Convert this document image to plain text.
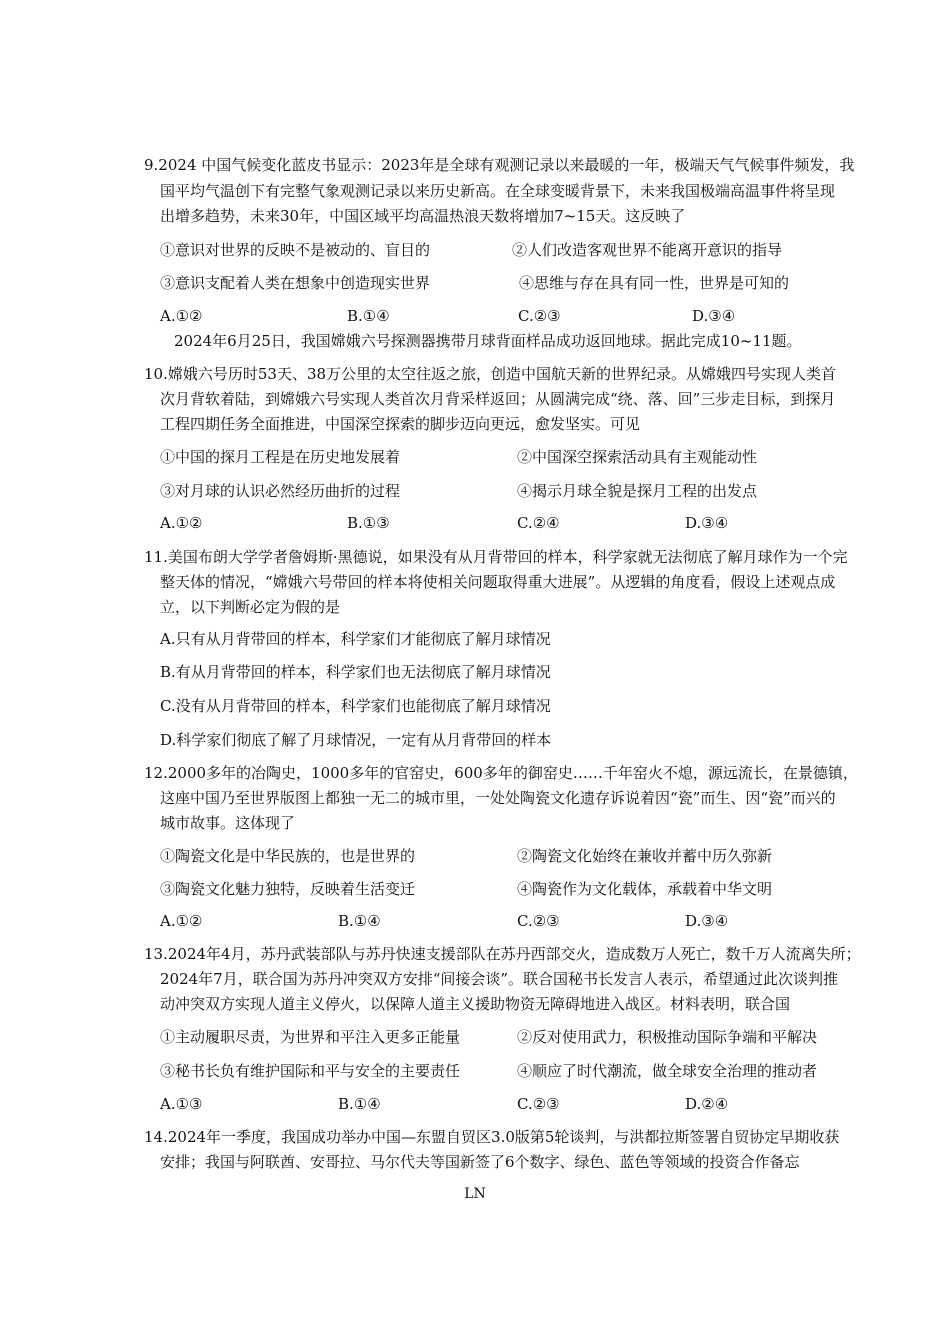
9.2024 中国气候变化蓝皮书显示：2023年是全球有观测记录以来最暖的一年，极端天气气候事件频发，我
国平均气温创下有完整气象观测记录以来历史新高。在全球变暖背景下，未来我国极端高温事件将呈现
出增多趋势，未来30年，中国区域平均高温热浪天数将增加7~15天。这反映了
①意识对世界的反映不是被动的、盲目的	②人们改造客观世界不能离开意识的指导
③意识支配着人类在想象中创造现实世界	④思维与存在具有同一性，世界是可知的
A.①②	B.①④	C.②③	D.③④
2024年6月25日，我国嫦娥六号探测器携带月球背面样品成功返回地球。据此完成10~11题。
10.嫦娥六号历时53天、38万公里的太空往返之旅，创造中国航天新的世界纪录。从嫦娥四号实现人类首
次月背软着陆，到嫦娥六号实现人类首次月背采样返回；从圆满完成“绕、落、回”三步走目标，到探月
工程四期任务全面推进，中国深空探索的脚步迈向更远，愈发坚实。可见
①中国的探月工程是在历史地发展着	②中国深空探索活动具有主观能动性
③对月球的认识必然经历曲折的过程	④揭示月球全貌是探月工程的出发点
A.①②	B.①③	C.②④	D.③④
11.美国布朗大学学者詹姆斯·黑德说，如果没有从月背带回的样本，科学家就无法彻底了解月球作为一个完
整天体的情况，“嫦娥六号带回的样本将使相关问题取得重大进展”。从逻辑的角度看，假设上述观点成
立，以下判断必定为假的是
A.只有从月背带回的样本，科学家们才能彻底了解月球情况
B.有从月背带回的样本，科学家们也无法彻底了解月球情况
C.没有从月背带回的样本，科学家们也能彻底了解月球情况
D.科学家们彻底了解了月球情况，一定有从月背带回的样本
12.2000多年的冶陶史，1000多年的官窑史，600多年的御窑史……千年窑火不熄，源远流长，在景德镇，
这座中国乃至世界版图上都独一无二的城市里，一处处陶瓷文化遗存诉说着因“瓷”而生、因“瓷”而兴的
城市故事。这体现了
①陶瓷文化是中华民族的，也是世界的	②陶瓷文化始终在兼收并蓄中历久弥新
③陶瓷文化魅力独特，反映着生活变迁	④陶瓷作为文化载体，承载着中华文明
A.①②	B.①④	C.②③	D.③④
13.2024年4月，苏丹武装部队与苏丹快速支援部队在苏丹西部交火，造成数万人死亡，数千万人流离失所；
2024年7月，联合国为苏丹冲突双方安排“间接会谈”。联合国秘书长发言人表示，希望通过此次谈判推
动冲突双方实现人道主义停火，以保障人道主义援助物资无障碍地进入战区。材料表明，联合国
①主动履职尽责，为世界和平注入更多正能量	②反对使用武力，积极推动国际争端和平解决
③秘书长负有维护国际和平与安全的主要责任	④顺应了时代潮流，做全球安全治理的推动者
A.①③	B.①④	C.②③	D.②④
14.2024年一季度，我国成功举办中国—东盟自贸区3.0版第5轮谈判，与洪都拉斯签署自贸协定早期收获
安排；我国与阿联酋、安哥拉、马尔代夫等国新签了6个数字、绿色、蓝色等领域的投资合作备忘
LN
